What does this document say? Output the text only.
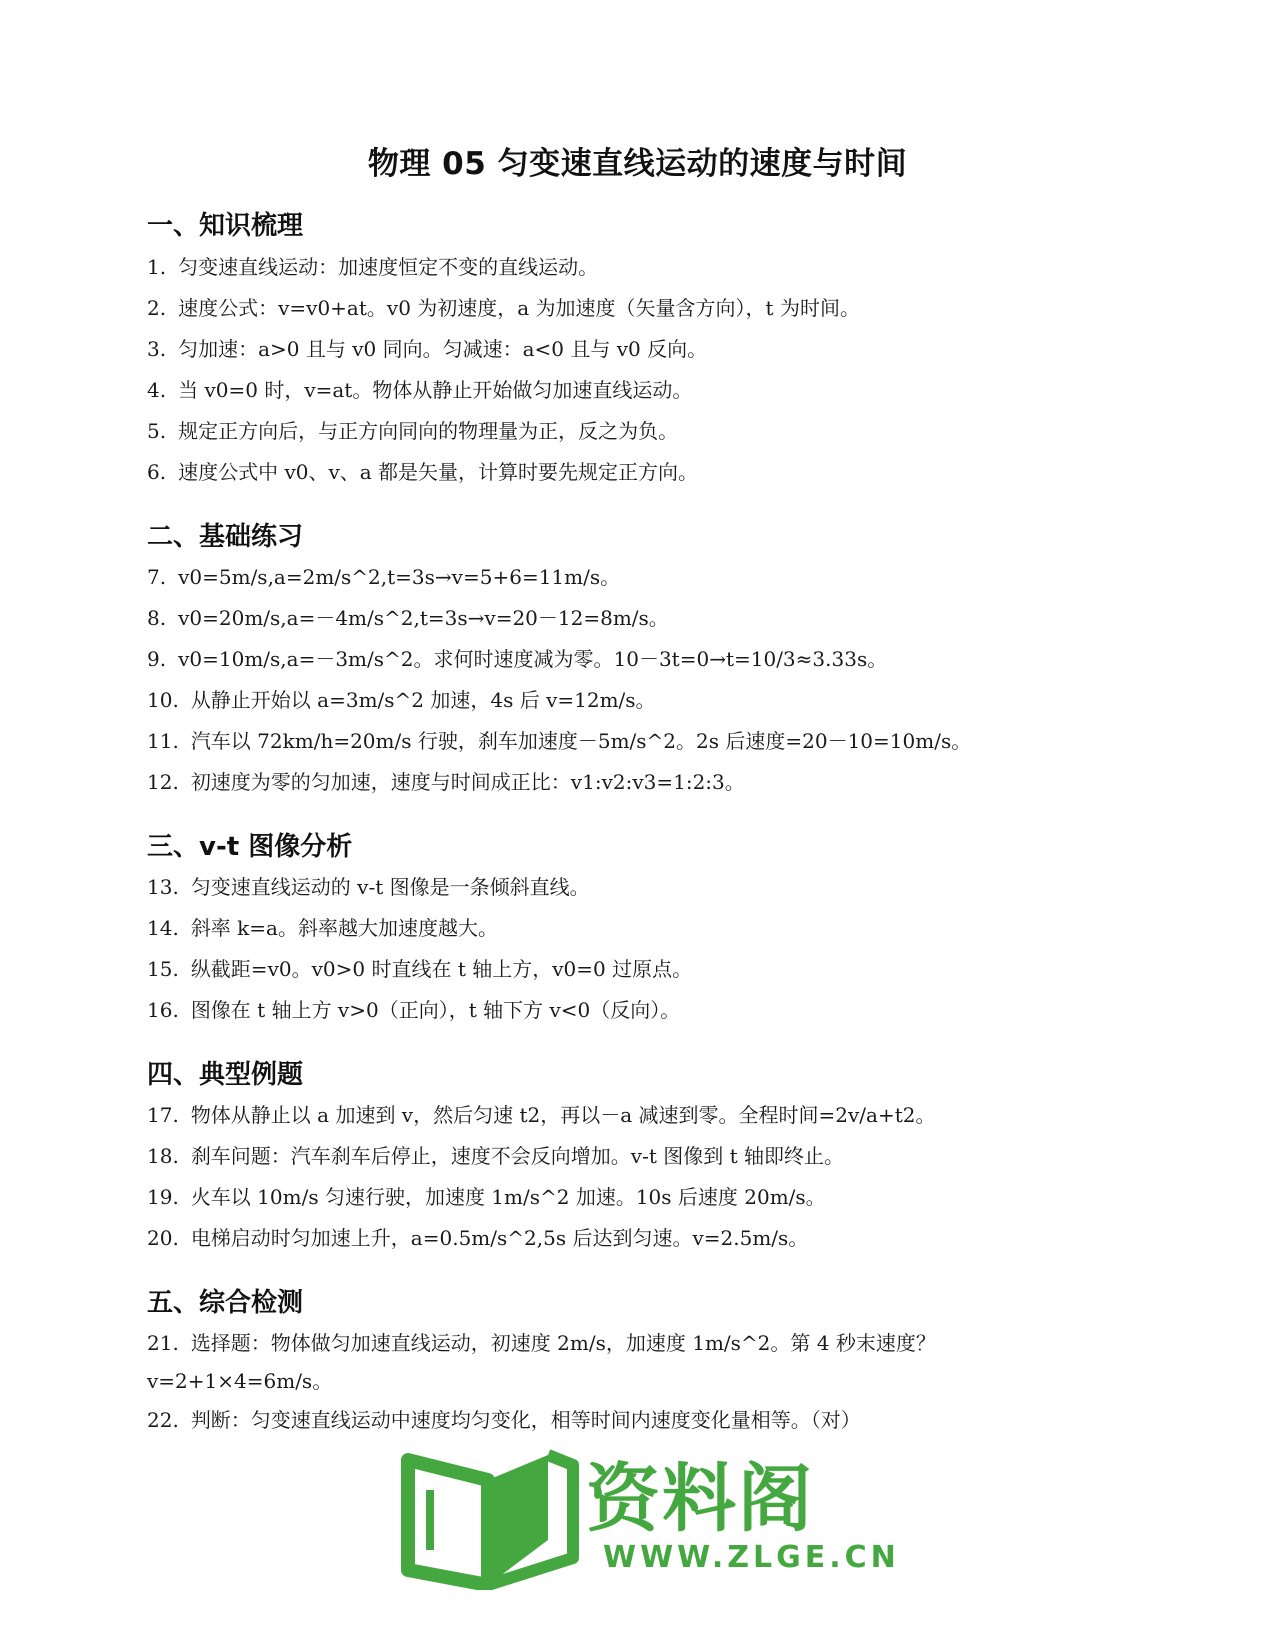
物理 05 匀变速直线运动的速度与时间
一、知识梳理
1. 匀变速直线运动：加速度恒定不变的直线运动。
2. 速度公式：v=v0+at。v0 为初速度，a 为加速度（矢量含方向），t 为时间。
3. 匀加速：a>0 且与 v0 同向。匀减速：a<0 且与 v0 反向。
4. 当 v0=0 时，v=at。物体从静止开始做匀加速直线运动。
5. 规定正方向后，与正方向同向的物理量为正，反之为负。
6. 速度公式中 v0、v、a 都是矢量，计算时要先规定正方向。
二、基础练习
7. v0=5m/s,a=2m/s^2,t=3s→v=5+6=11m/s。
8. v0=20m/s,a=－4m/s^2,t=3s→v=20－12=8m/s。
9. v0=10m/s,a=－3m/s^2。求何时速度减为零。10－3t=0→t=10/3≈3.33s。
10. 从静止开始以 a=3m/s^2 加速，4s 后 v=12m/s。
11. 汽车以 72km/h=20m/s 行驶，刹车加速度－5m/s^2。2s 后速度=20－10=10m/s。
12. 初速度为零的匀加速，速度与时间成正比：v1:v2:v3=1:2:3。
三、v-t 图像分析
13. 匀变速直线运动的 v-t 图像是一条倾斜直线。
14. 斜率 k=a。斜率越大加速度越大。
15. 纵截距=v0。v0>0 时直线在 t 轴上方，v0=0 过原点。
16. 图像在 t 轴上方 v>0（正向），t 轴下方 v<0（反向）。
四、典型例题
17. 物体从静止以 a 加速到 v，然后匀速 t2，再以－a 减速到零。全程时间=2v/a+t2。
18. 刹车问题：汽车刹车后停止，速度不会反向增加。v-t 图像到 t 轴即终止。
19. 火车以 10m/s 匀速行驶，加速度 1m/s^2 加速。10s 后速度 20m/s。
20. 电梯启动时匀加速上升，a=0.5m/s^2,5s 后达到匀速。v=2.5m/s。
五、综合检测
21. 选择题：物体做匀加速直线运动，初速度 2m/s，加速度 1m/s^2。第 4 秒末速度？v=2+1×4=6m/s。
22. 判断：匀变速直线运动中速度均匀变化，相等时间内速度变化量相等。（对）
资料阁
WWW.ZLGE.CN
